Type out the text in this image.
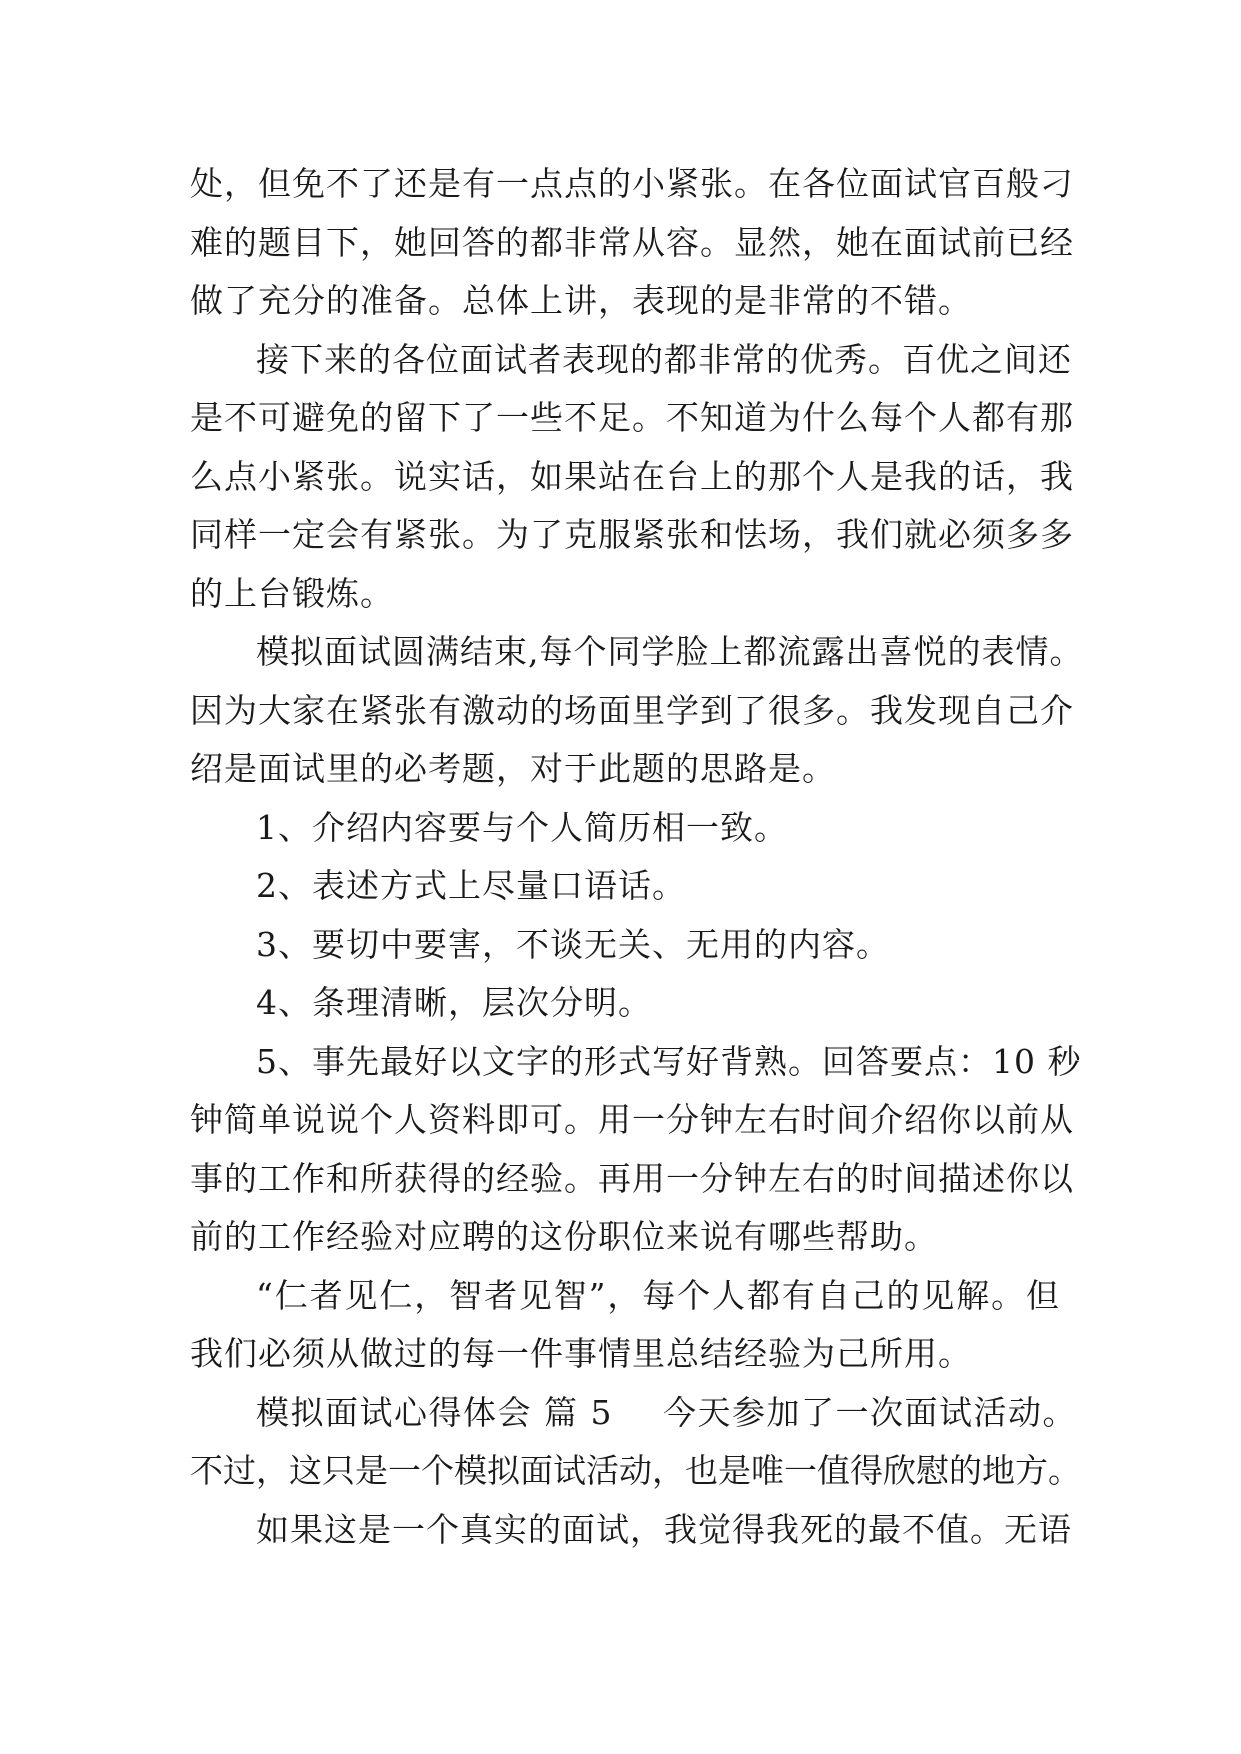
处，但免不了还是有一点点的小紧张。在各位面试官百般刁

难的题目下，她回答的都非常从容。显然，她在面试前已经

做了充分的准备。总体上讲，表现的是非常的不错。

接下来的各位面试者表现的都非常的优秀。百优之间还

是不可避免的留下了一些不足。不知道为什么每个人都有那

么点小紧张。说实话，如果站在台上的那个人是我的话，我

同样一定会有紧张。为了克服紧张和怯场，我们就必须多多

的上台锻炼。

模拟面试圆满结束,每个同学脸上都流露出喜悦的表情。

因为大家在紧张有激动的场面里学到了很多。我发现自己介

绍是面试里的必考题，对于此题的思路是。

1、介绍内容要与个人简历相一致。

2、表述方式上尽量口语话。

3、要切中要害，不谈无关、无用的内容。

4、条理清晰，层次分明。

5、事先最好以文字的形式写好背熟。回答要点：10 秒

钟简单说说个人资料即可。用一分钟左右时间介绍你以前从

事的工作和所获得的经验。再用一分钟左右的时间描述你以

前的工作经验对应聘的这份职位来说有哪些帮助。

“仁者见仁，智者见智”，每个人都有自己的见解。但

我们必须从做过的每一件事情里总结经验为己所用。

模拟面试心得体会 篇 5 今天参加了一次面试活动。

不过，这只是一个模拟面试活动，也是唯一值得欣慰的地方。

如果这是一个真实的面试，我觉得我死的最不值。无语
